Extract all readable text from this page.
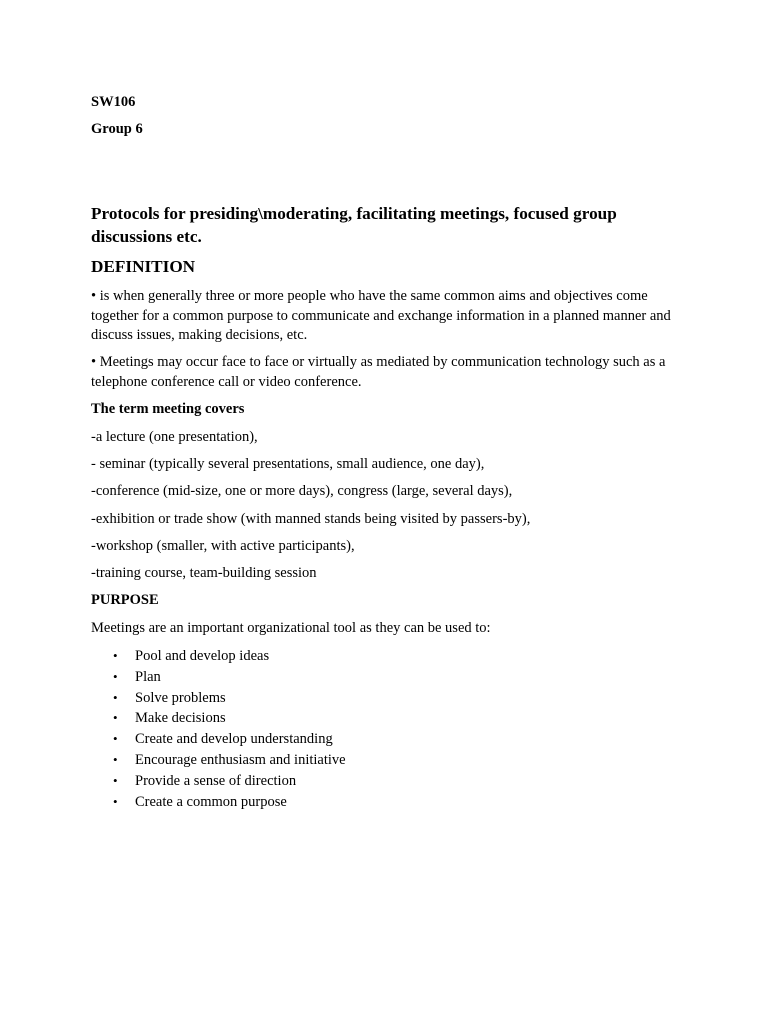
SW106

Group 6

Protocols for presiding\moderating, facilitating meetings, focused group discussions etc.

DEFINITION

• is when generally three or more people who have the same common aims and objectives come together for a common purpose to communicate and exchange information in a planned manner and discuss issues, making decisions, etc.

• Meetings may occur face to face or virtually as mediated by communication technology such as a telephone conference call or video conference.

The term meeting covers

-a lecture (one presentation),

- seminar (typically several presentations, small audience, one day),

-conference (mid-size, one or more days), congress (large, several days),

-exhibition or trade show (with manned stands being visited by passers-by),

-workshop (smaller, with active participants),

-training course, team-building session

PURPOSE

Meetings are an important organizational tool as they can be used to:

• Pool and develop ideas
• Plan
• Solve problems
• Make decisions
• Create and develop understanding
• Encourage enthusiasm and initiative
• Provide a sense of direction
• Create a common purpose
